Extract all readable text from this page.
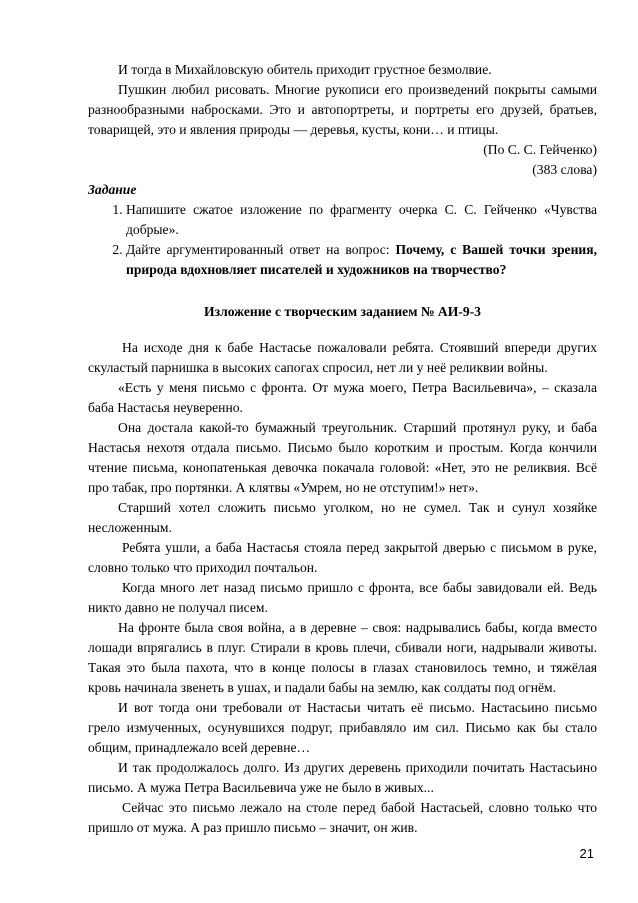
И тогда в Михайловскую обитель приходит грустное безмолвие.

Пушкин любил рисовать. Многие рукописи его произведений покрыты самыми разнообразными набросками. Это и автопортреты, и портреты его друзей, братьев, товарищей, это и явления природы — деревья, кусты, кони… и птицы.

(По С. С. Гейченко)

(383 слова)

Задание

1. Напишите сжатое изложение по фрагменту очерка С. С. Гейченко «Чувства добрые».
2. Дайте аргументированный ответ на вопрос: Почему, с Вашей точки зрения, природа вдохновляет писателей и художников на творчество?

Изложение с творческим заданием № АИ-9-3

На исходе дня к бабе Настасье пожаловали ребята. Стоявший впереди других скуластый парнишка в высоких сапогах спросил, нет ли у неё реликвии войны.

«Есть у меня письмо с фронта. От мужа моего, Петра Васильевича», – сказала баба Настасья неуверенно.

Она достала какой-то бумажный треугольник. Старший протянул руку, и баба Настасья нехотя отдала письмо. Письмо было коротким и простым. Когда кончили чтение письма, конопатенькая девочка покачала головой: «Нет, это не реликвия. Всё про табак, про портянки. А клятвы «Умрем, но не отступим!» нет».

Старший хотел сложить письмо уголком, но не сумел. Так и сунул хозяйке несложенным.

Ребята ушли, а баба Настасья стояла перед закрытой дверью с письмом в руке, словно только что приходил почтальон.

Когда много лет назад письмо пришло с фронта, все бабы завидовали ей. Ведь никто давно не получал писем.

На фронте была своя война, а в деревне – своя: надрывались бабы, когда вместо лошади впрягались в плуг. Стирали в кровь плечи, сбивали ноги, надрывали животы. Такая это была пахота, что в конце полосы в глазах становилось темно, и тяжёлая кровь начинала звенеть в ушах, и падали бабы на землю, как солдаты под огнём.

И вот тогда они требовали от Настасьи читать её письмо. Настасьино письмо грело измученных, осунувшихся подруг, прибавляло им сил. Письмо как бы стало общим, принадлежало всей деревне…

И так продолжалось долго. Из других деревень приходили почитать Настасьино письмо. А мужа Петра Васильевича уже не было в живых...

Сейчас это письмо лежало на столе перед бабой Настасьей, словно только что пришло от мужа. А раз пришло письмо – значит, он жив.

21
